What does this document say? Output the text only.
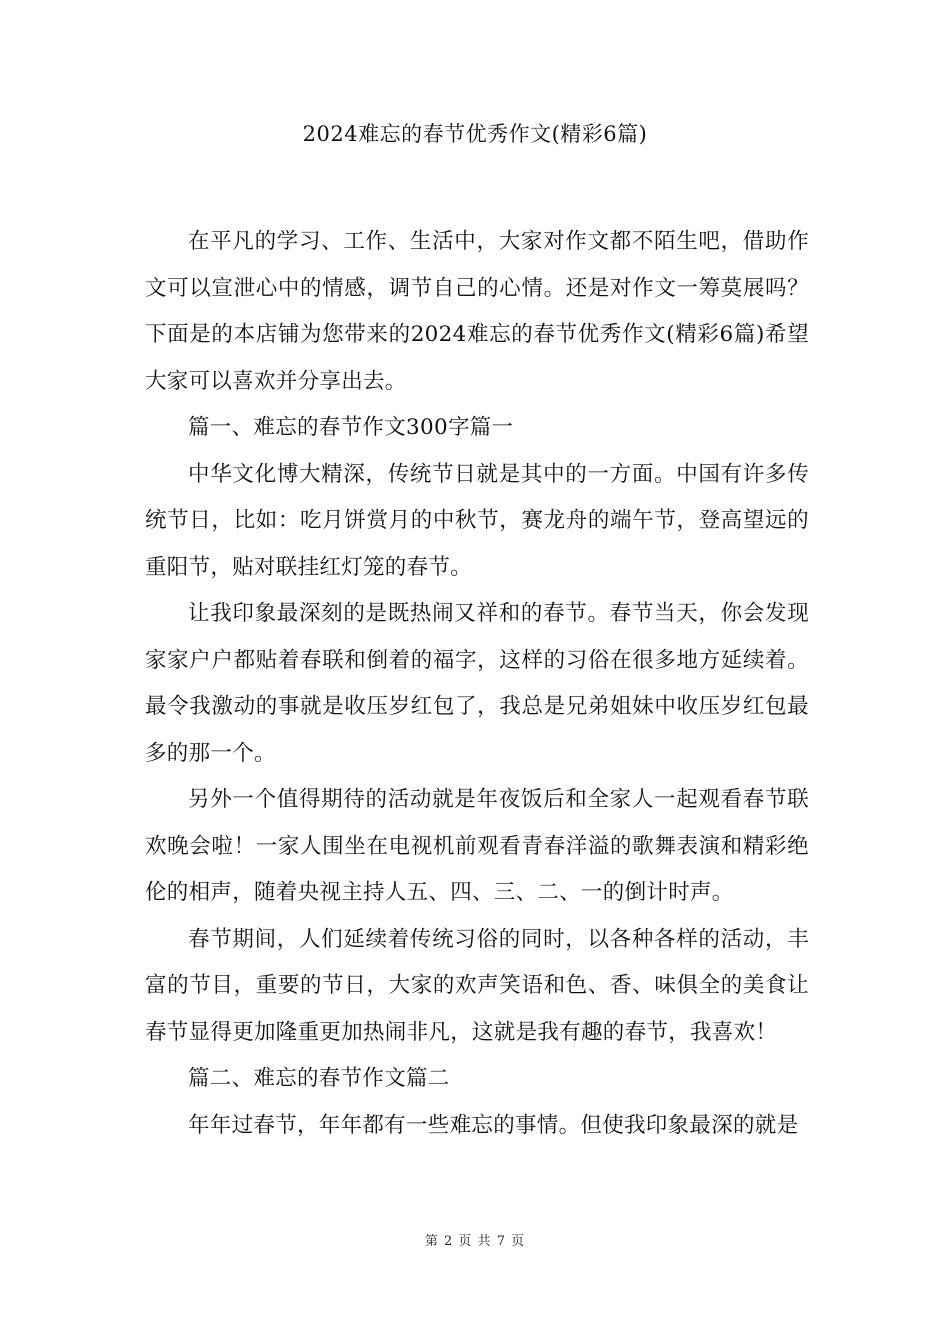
2024难忘的春节优秀作文(精彩6篇)

在平凡的学习、工作、生活中，大家对作文都不陌生吧，借助作文可以宣泄心中的情感，调节自己的心情。还是对作文一筹莫展吗？下面是的本店铺为您带来的2024难忘的春节优秀作文(精彩6篇)希望大家可以喜欢并分享出去。

篇一、难忘的春节作文300字篇一

中华文化博大精深，传统节日就是其中的一方面。中国有许多传统节日，比如：吃月饼赏月的中秋节，赛龙舟的端午节，登高望远的重阳节，贴对联挂红灯笼的春节。

让我印象最深刻的是既热闹又祥和的春节。春节当天，你会发现家家户户都贴着春联和倒着的福字，这样的习俗在很多地方延续着。最令我激动的事就是收压岁红包了，我总是兄弟姐妹中收压岁红包最多的那一个。

另外一个值得期待的活动就是年夜饭后和全家人一起观看春节联欢晚会啦！一家人围坐在电视机前观看青春洋溢的歌舞表演和精彩绝伦的相声，随着央视主持人五、四、三、二、一的倒计时声。

春节期间，人们延续着传统习俗的同时，以各种各样的活动，丰富的节目，重要的节日，大家的欢声笑语和色、香、味俱全的美食让春节显得更加隆重更加热闹非凡，这就是我有趣的春节，我喜欢！

篇二、难忘的春节作文篇二

年年过春节，年年都有一些难忘的事情。但使我印象最深的就是

第 2 页 共 7 页
